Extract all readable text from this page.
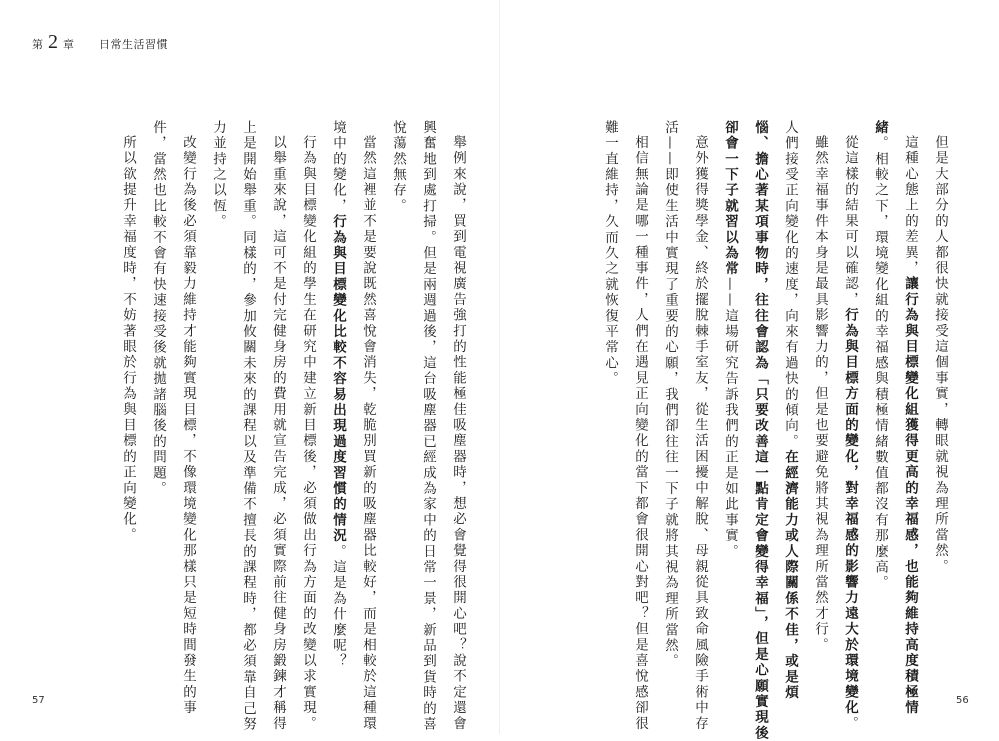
第 2 章 日常生活習慣
但是大部分的人都很快就接受這個事實，轉眼就視為理所當然。
這種心態上的差異，讓行為與目標變化組獲得更高的幸福感，也能夠維持高度積極情
緒。相較之下，環境變化組的幸福感與積極情緒數值都沒有那麼高。
從這樣的結果可以確認，行為與目標方面的變化，對幸福感的影響力遠大於環境變化。
雖然幸福事件本身是最具影響力的，但是也要避免將其視為理所當然才行。
人們接受正向變化的速度，向來有過快的傾向。在經濟能力或人際關係不佳，或是煩
惱、擔心著某項事物時，往往會認為「只要改善這一點肯定會變得幸福」，但是心願實現後
卻會一下子就習以為常——這場研究告訴我們的正是如此事實。
意外獲得獎學金、終於擺脫棘手室友，從生活困擾中解脫、母親從具致命風險手術中存
活——即使生活中實現了重要的心願，我們卻往往一下子就將其視為理所當然。
相信無論是哪一種事件，人們在遇見正向變化的當下都會很開心對吧？但是喜悅感卻很
難一直維持，久而久之就恢復平常心。
舉例來說，買到電視廣告強打的性能極佳吸塵器時，想必會覺得很開心吧？說不定還會
興奮地到處打掃。但是兩週過後，這台吸塵器已經成為家中的日常一景，新品到貨時的喜
悅蕩然無存。
當然這裡並不是要說既然喜悅會消失，乾脆別買新的吸塵器比較好，而是相較於這種環
境中的變化，行為與目標變化比較不容易出現過度習慣的情況。這是為什麼呢？
行為與目標變化組的學生在研究中建立新目標後，必須做出行為方面的改變以求實現。
以舉重來說，這可不是付完健身房的費用就宣告完成，必須實際前往健身房鍛鍊才稱得
上是開始舉重。同樣的，參加攸關未來的課程以及準備不擅長的課程時，都必須靠自己努
力並持之以恆。
改變行為後必須靠毅力維持才能夠實現目標，不像環境變化那樣只是短時間發生的事
件，當然也比較不會有快速接受後就拋諸腦後的問題。
所以欲提升幸福度時，不妨著眼於行為與目標的正向變化。
57	56
